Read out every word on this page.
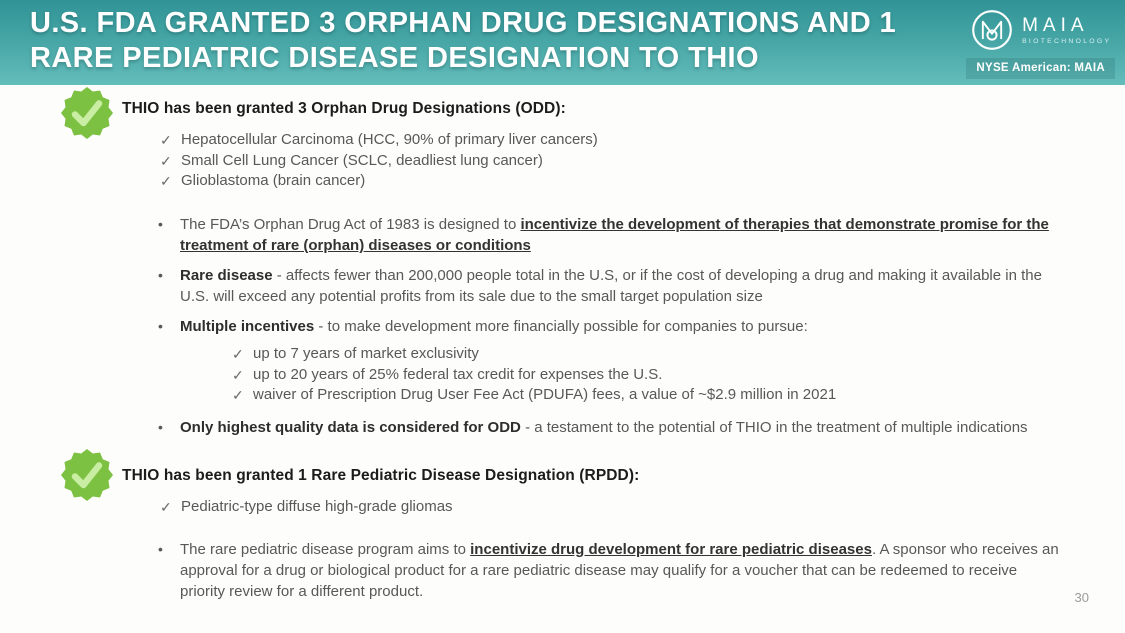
U.S. FDA GRANTED 3 ORPHAN DRUG DESIGNATIONS AND 1
RARE PEDIATRIC DISEASE DESIGNATION TO THIO
MAIA
BIOTECHNOLOGY
NYSE American: MAIA
THIO has been granted 3 Orphan Drug Designations (ODD):
✓ Hepatocellular Carcinoma (HCC, 90% of primary liver cancers)
✓ Small Cell Lung Cancer (SCLC, deadliest lung cancer)
✓ Glioblastoma (brain cancer)
•	The FDA’s Orphan Drug Act of 1983 is designed to incentivize the development of therapies that demonstrate promise for the treatment of rare (orphan) diseases or conditions
•	Rare disease - affects fewer than 200,000 people total in the U.S, or if the cost of developing a drug and making it available in the U.S. will exceed any potential profits from its sale due to the small target population size
•	Multiple incentives - to make development more financially possible for companies to pursue:
✓ up to 7 years of market exclusivity
✓ up to 20 years of 25% federal tax credit for expenses the U.S.
✓ waiver of Prescription Drug User Fee Act (PDUFA) fees, a value of ~$2.9 million in 2021
•	Only highest quality data is considered for ODD - a testament to the potential of THIO in the treatment of multiple indications
THIO has been granted 1 Rare Pediatric Disease Designation (RPDD):
✓ Pediatric-type diffuse high-grade gliomas
•	The rare pediatric disease program aims to incentivize drug development for rare pediatric diseases. A sponsor who receives an approval for a drug or biological product for a rare pediatric disease may qualify for a voucher that can be redeemed to receive priority review for a different product.	30
